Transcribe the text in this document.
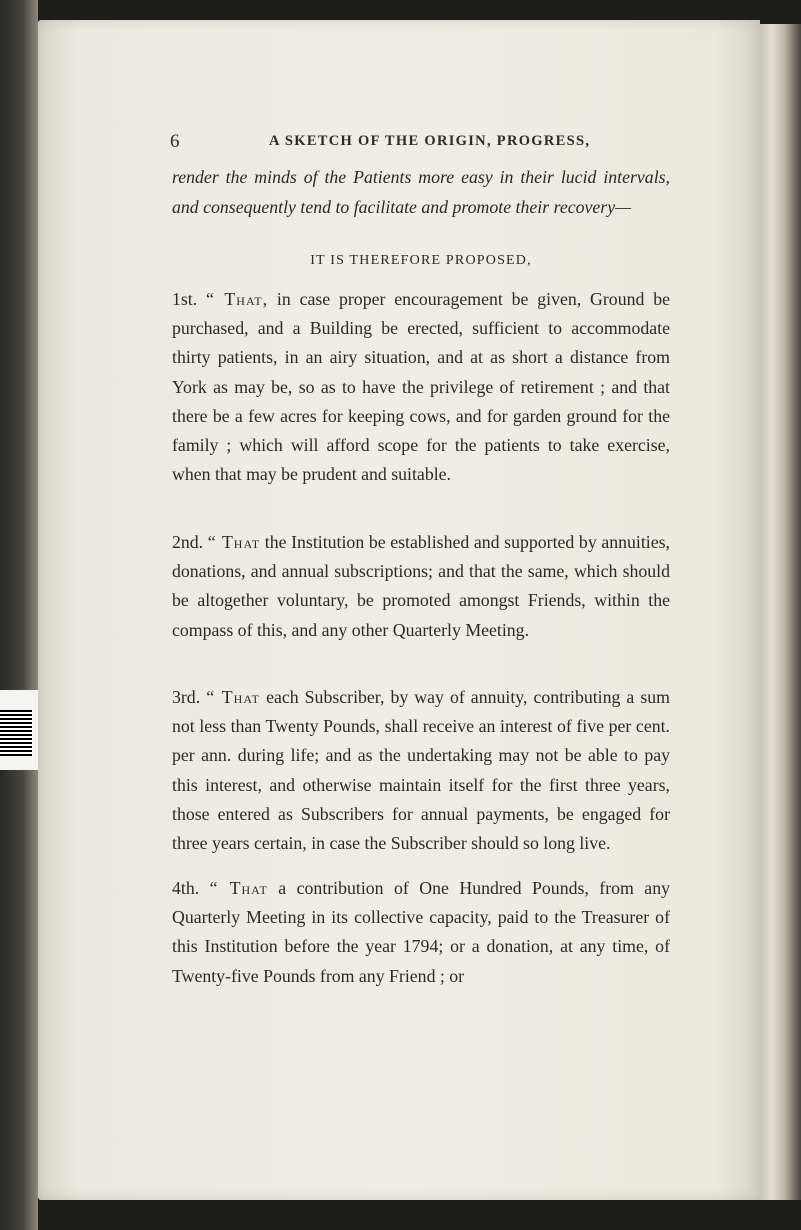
6	A SKETCH OF THE ORIGIN, PROGRESS,
render the minds of the Patients more easy in their lucid intervals, and consequently tend to facilitate and promote their recovery—
IT IS THEREFORE PROPOSED,
1st. “ That, in case proper encouragement be given, Ground be purchased, and a Building be erected, sufficient to accommodate thirty patients, in an airy situation, and at as short a distance from York as may be, so as to have the privilege of retirement ; and that there be a few acres for keeping cows, and for garden ground for the family ; which will afford scope for the patients to take exercise, when that may be prudent and suitable.
2nd. “ That the Institution be established and supported by annuities, donations, and annual subscriptions; and that the same, which should be altogether voluntary, be promoted amongst Friends, within the compass of this, and any other Quarterly Meeting.
3rd. “ That each Subscriber, by way of annuity, contributing a sum not less than Twenty Pounds, shall receive an interest of five per cent. per ann. during life; and as the undertaking may not be able to pay this interest, and otherwise maintain itself for the first three years, those entered as Subscribers for annual payments, be engaged for three years certain, in case the Subscriber should so long live.
4th. “ That a contribution of One Hundred Pounds, from any Quarterly Meeting in its collective capacity, paid to the Treasurer of this Institution before the year 1794; or a donation, at any time, of Twenty-five Pounds from any Friend ; or
